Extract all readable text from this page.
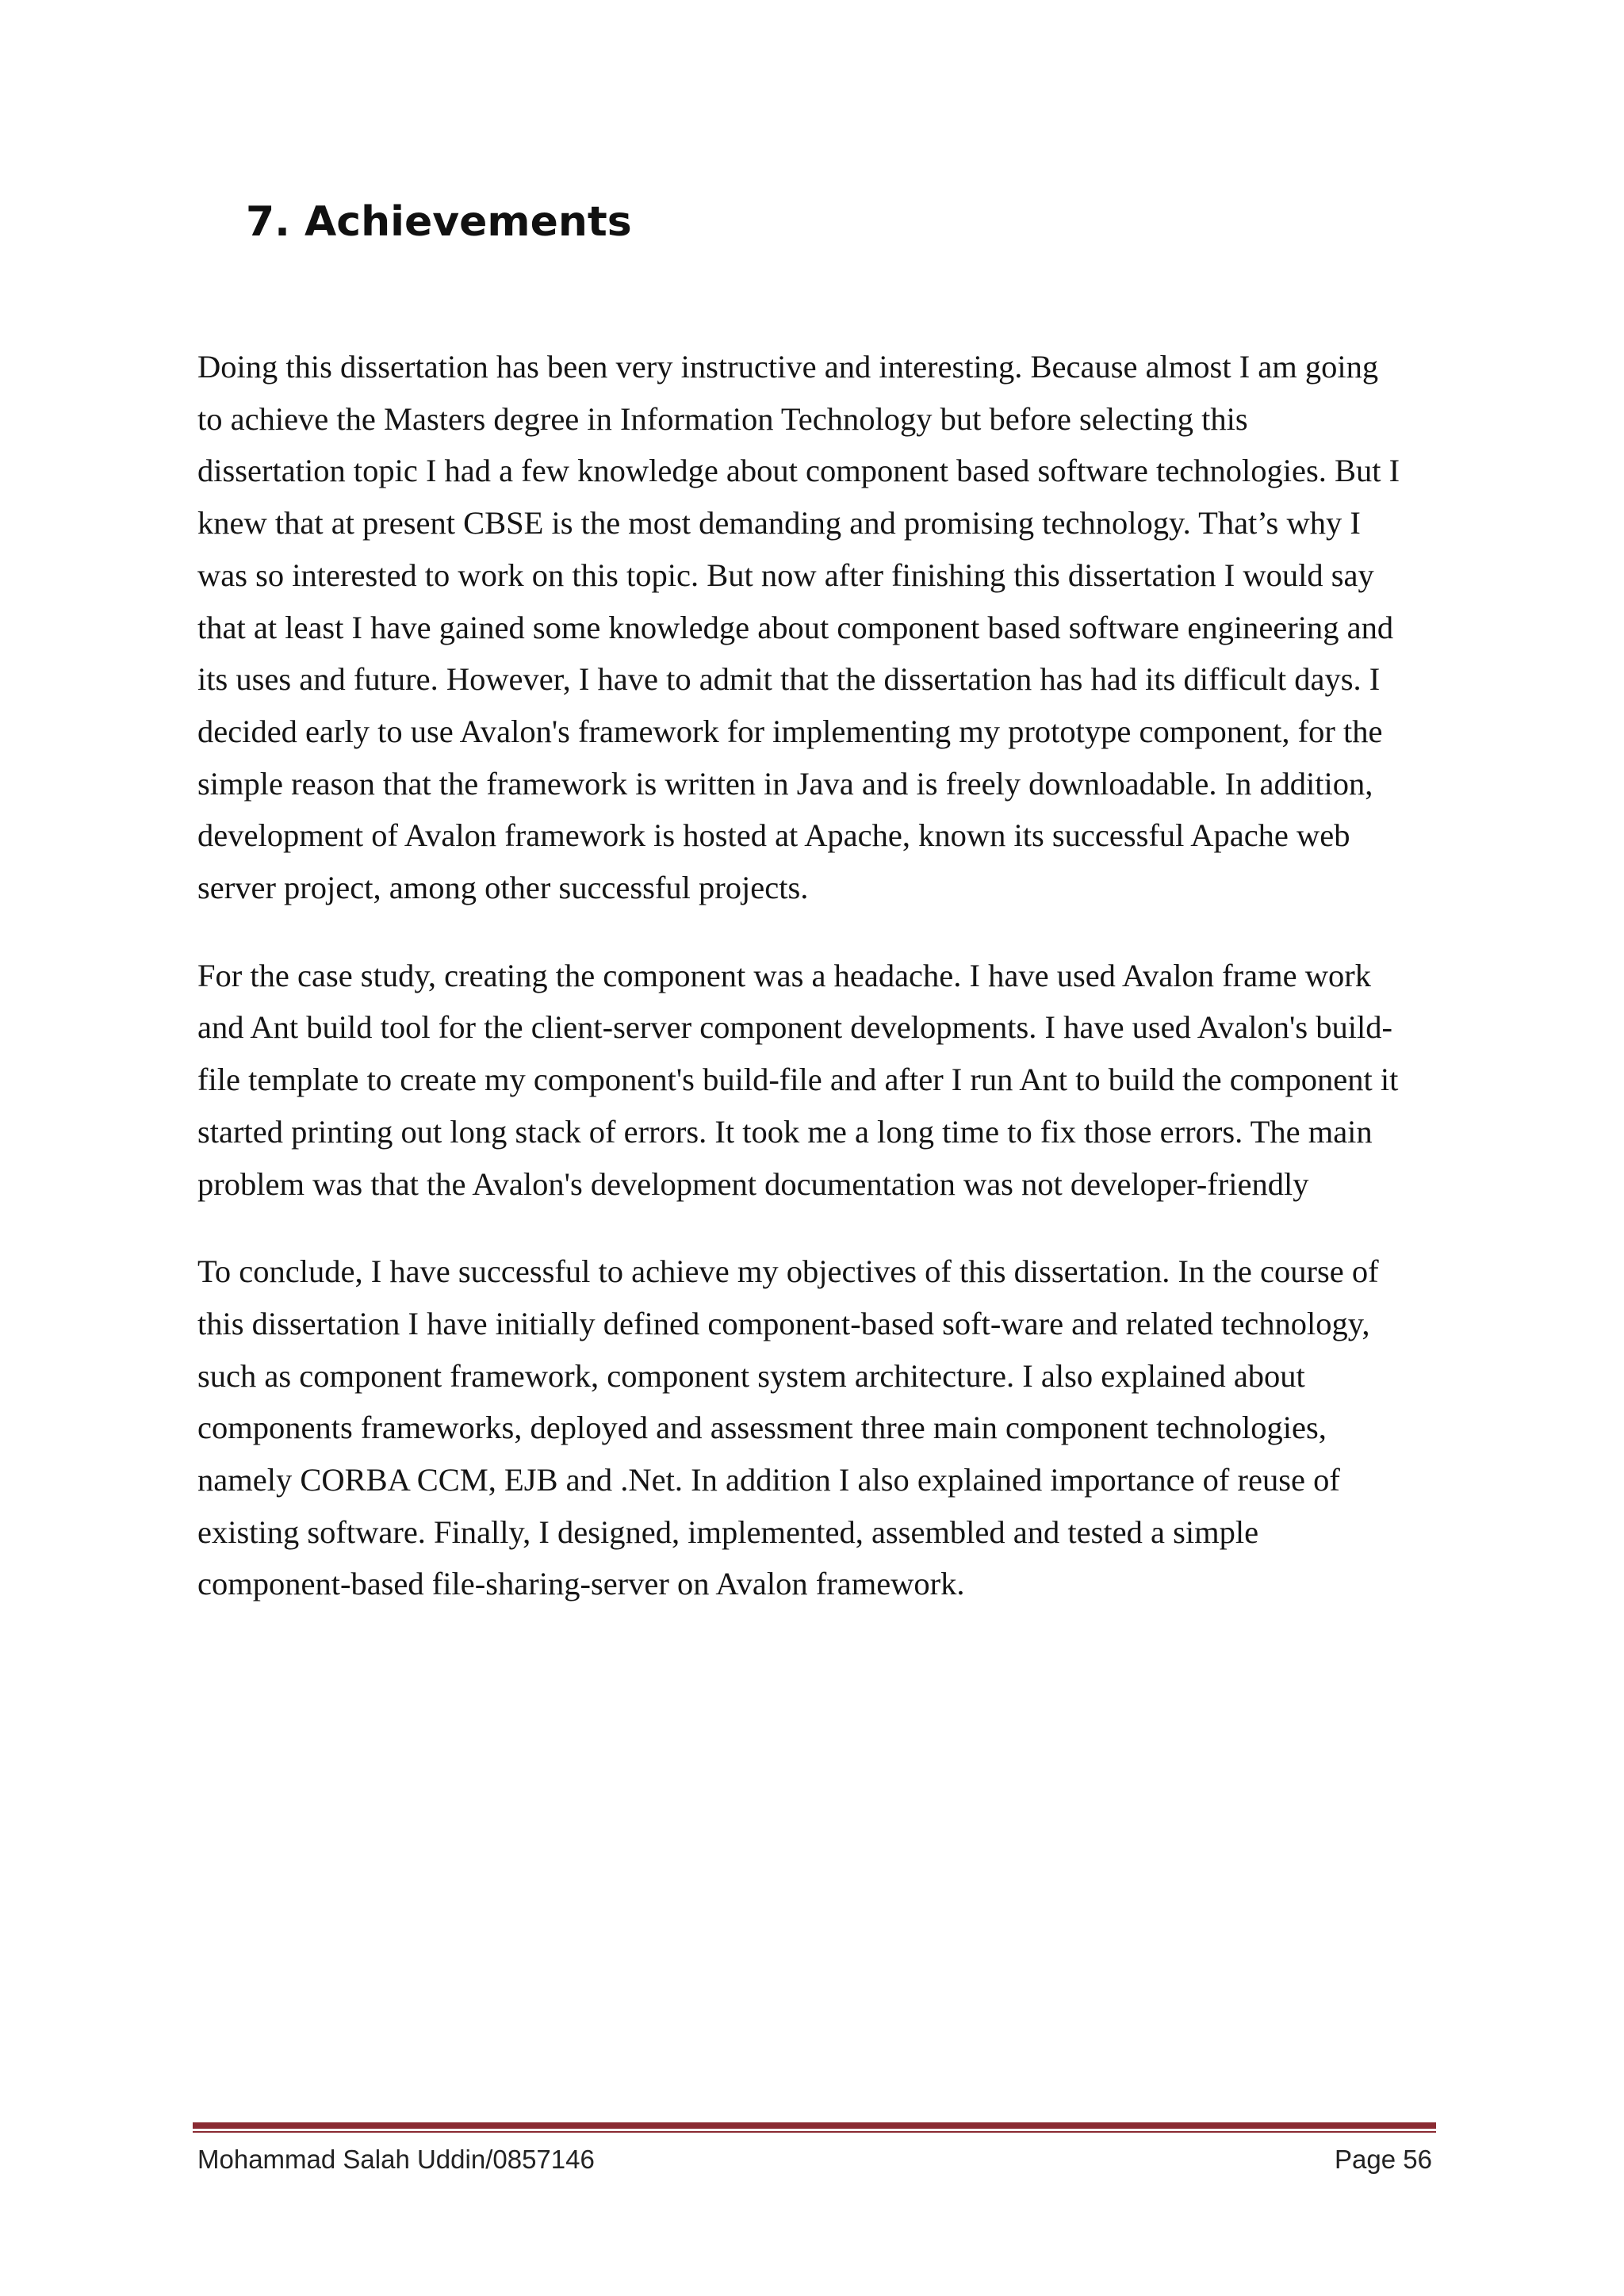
7. Achievements

Doing this dissertation has been very instructive and interesting. Because almost I am going
to achieve the Masters degree in Information Technology but before selecting this
dissertation topic I had a few knowledge about component based software technologies. But I
knew that at present CBSE is the most demanding and promising technology. That’s why I
was so interested to work on this topic. But now after finishing this dissertation I would say
that at least I have gained some knowledge about component based software engineering and
its uses and future. However, I have to admit that the dissertation has had its difficult days. I
decided early to use Avalon's framework for implementing my prototype component, for the
simple reason that the framework is written in Java and is freely downloadable. In addition,
development of Avalon framework is hosted at Apache, known its successful Apache web
server project, among other successful projects.

For the case study, creating the component was a headache. I have used Avalon frame work
and Ant build tool for the client-server component developments. I have used Avalon's build-
file template to create my component's build-file and after I run Ant to build the component it
started printing out long stack of errors. It took me a long time to fix those errors. The main
problem was that the Avalon's development documentation was not developer-friendly

To conclude, I have successful to achieve my objectives of this dissertation. In the course of
this dissertation I have initially defined component-based soft-ware and related technology,
such as component framework, component system architecture. I also explained about
components frameworks, deployed and assessment three main component technologies,
namely CORBA CCM, EJB and .Net. In addition I also explained importance of reuse of
existing software. Finally, I designed, implemented, assembled and tested a simple
component-based file-sharing-server on Avalon framework.

Mohammad Salah Uddin/0857146	Page 56
